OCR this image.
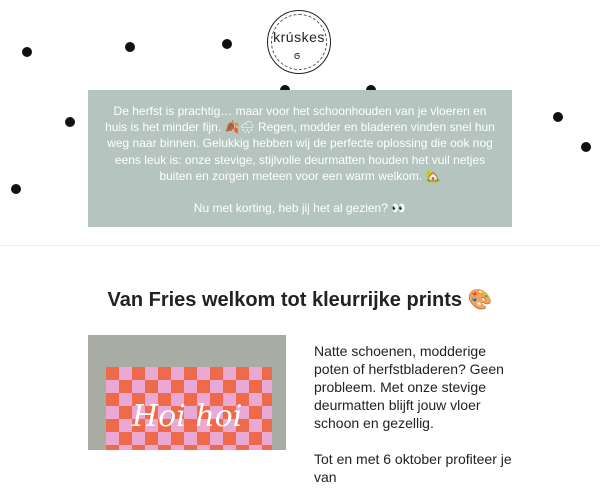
krúskes
ϭ

De herfst is prachtig… maar voor het schoonhouden van je vloeren en huis is het minder fijn. 🍂🌧 Regen, modder en bladeren vinden snel hun weg naar binnen. Gelukkig hebben wij de perfecte oplossing die ook nog eens leuk is: onze stevige, stijlvolle deurmatten houden het vuil netjes buiten en zorgen meteen voor een warm welkom. 🏡

Nu met korting, heb jij het al gezien? 👀

Van Fries welkom tot kleurrijke prints 🎨
Hoi hoi

Natte schoenen, modderige poten of herfstbladeren? Geen probleem. Met onze stevige deurmatten blijft jouw vloer schoon en gezellig.

Tot en met 6 oktober profiteer je van
